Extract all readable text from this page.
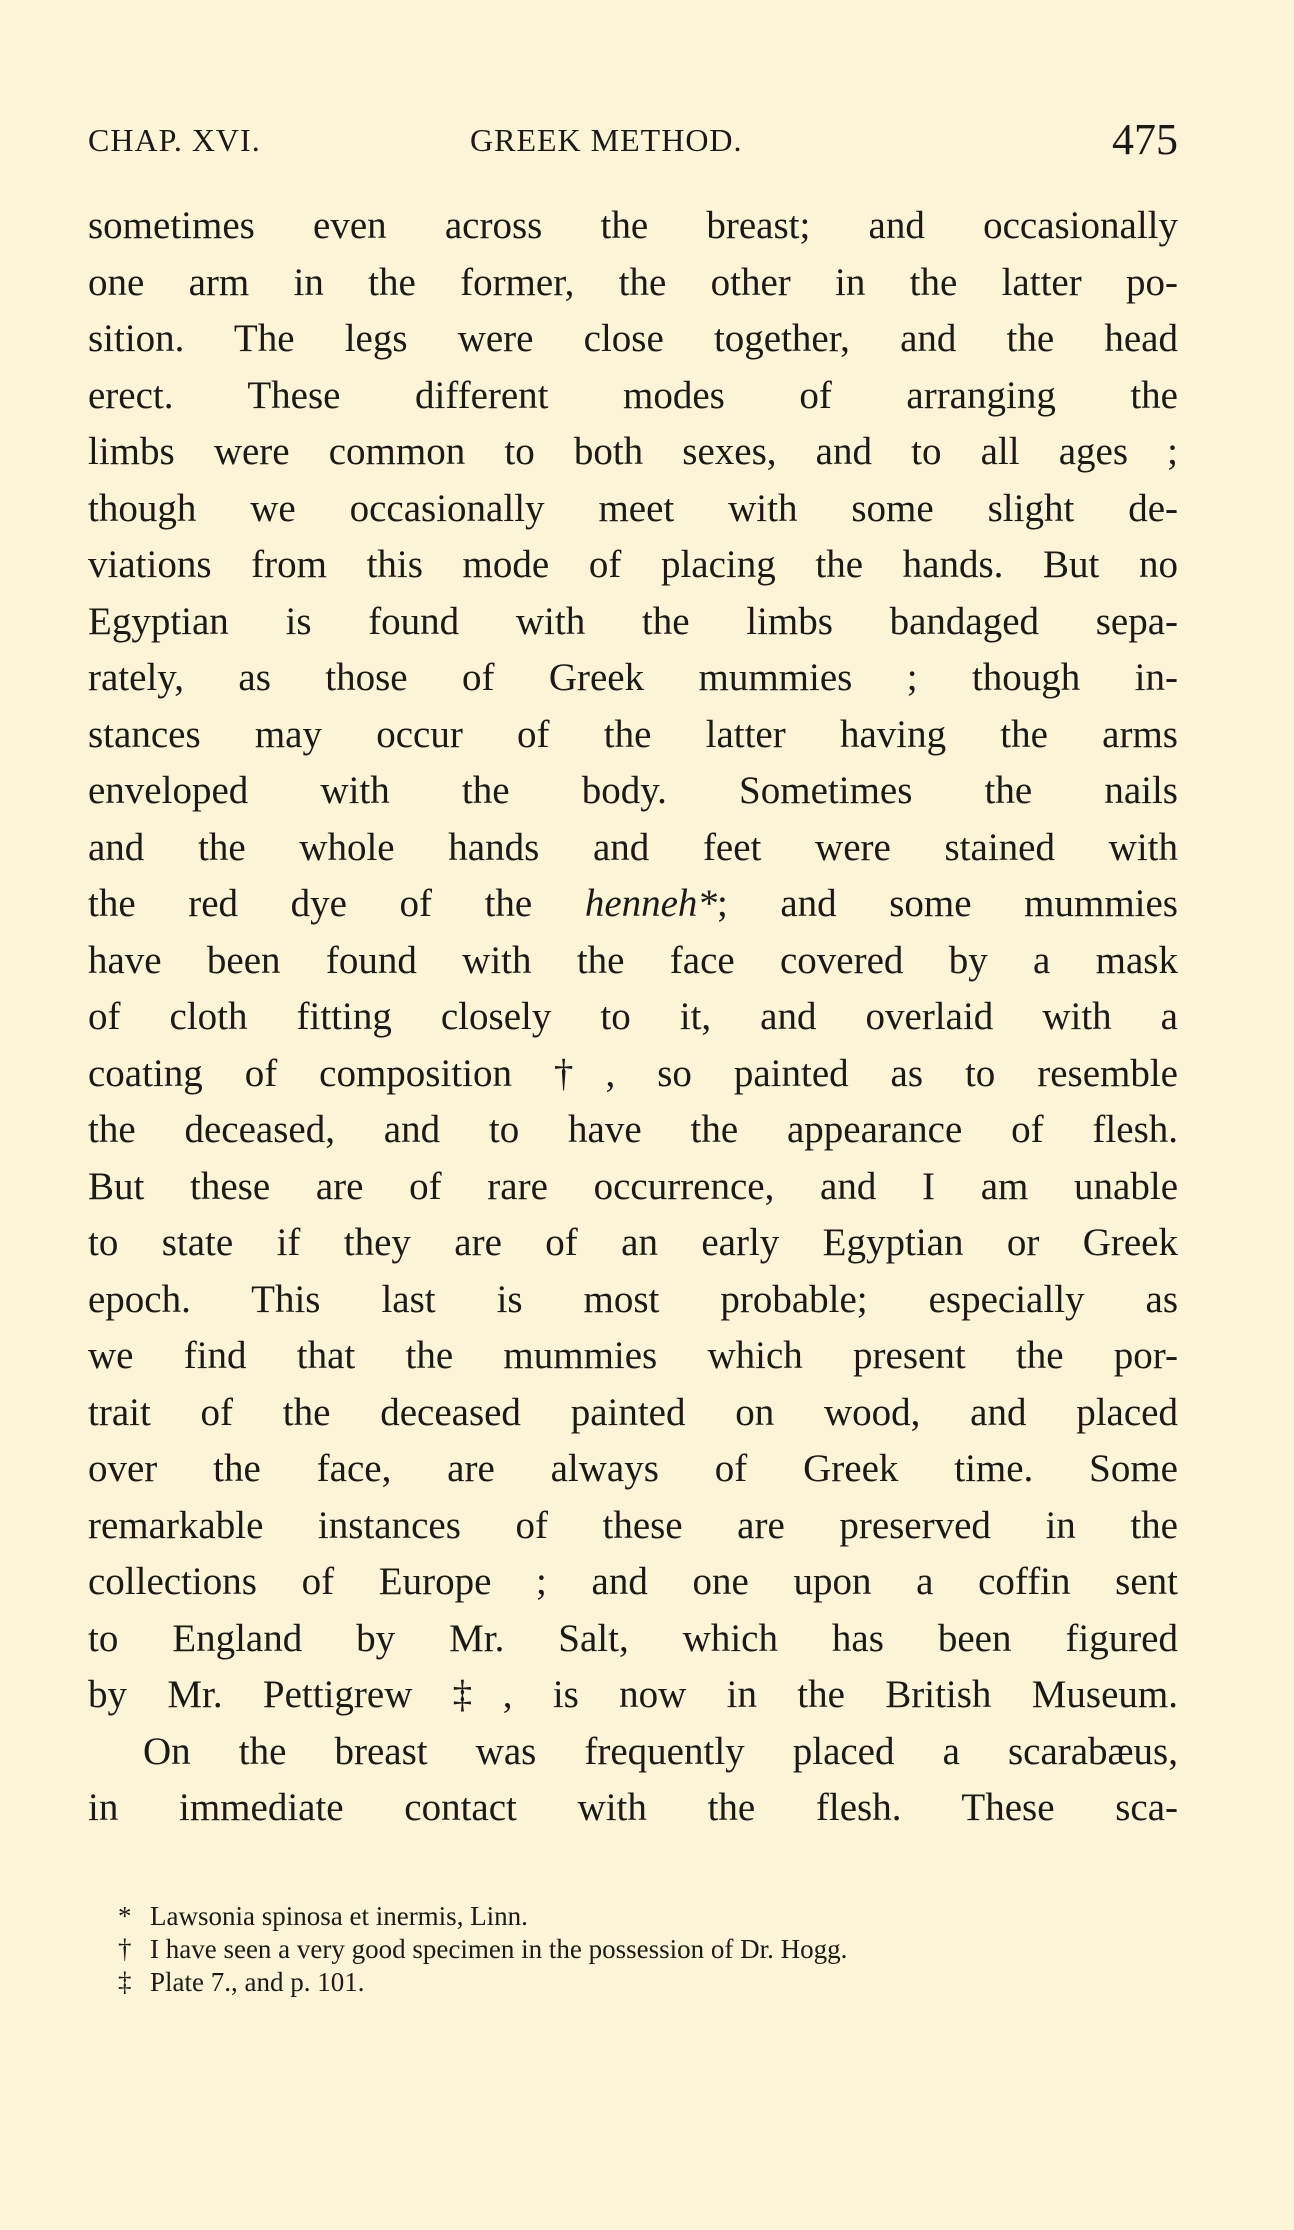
CHAP. XVI.	GREEK METHOD.	475
sometimes even across the breast; and occasionally
one arm in the former, the other in the latter po-
sition. The legs were close together, and the head
erect. These different modes of arranging the
limbs were common to both sexes, and to all ages ;
though we occasionally meet with some slight de-
viations from this mode of placing the hands. But no
Egyptian is found with the limbs bandaged sepa-
rately, as those of Greek mummies ; though in-
stances may occur of the latter having the arms
enveloped with the body. Sometimes the nails
and the whole hands and feet were stained with
the red dye of the henneh*; and some mummies
have been found with the face covered by a mask
of cloth fitting closely to it, and overlaid with a
coating of composition †, so painted as to resemble
the deceased, and to have the appearance of flesh.
But these are of rare occurrence, and I am unable
to state if they are of an early Egyptian or Greek
epoch. This last is most probable; especially as
we find that the mummies which present the por-
trait of the deceased painted on wood, and placed
over the face, are always of Greek time. Some
remarkable instances of these are preserved in the
collections of Europe ; and one upon a coffin sent
to England by Mr. Salt, which has been figured
by Mr. Pettigrew ‡, is now in the British Museum.
On the breast was frequently placed a scarabæus,
in immediate contact with the flesh. These sca-
* Lawsonia spinosa et inermis, Linn.
† I have seen a very good specimen in the possession of Dr. Hogg.
‡ Plate 7., and p. 101.
